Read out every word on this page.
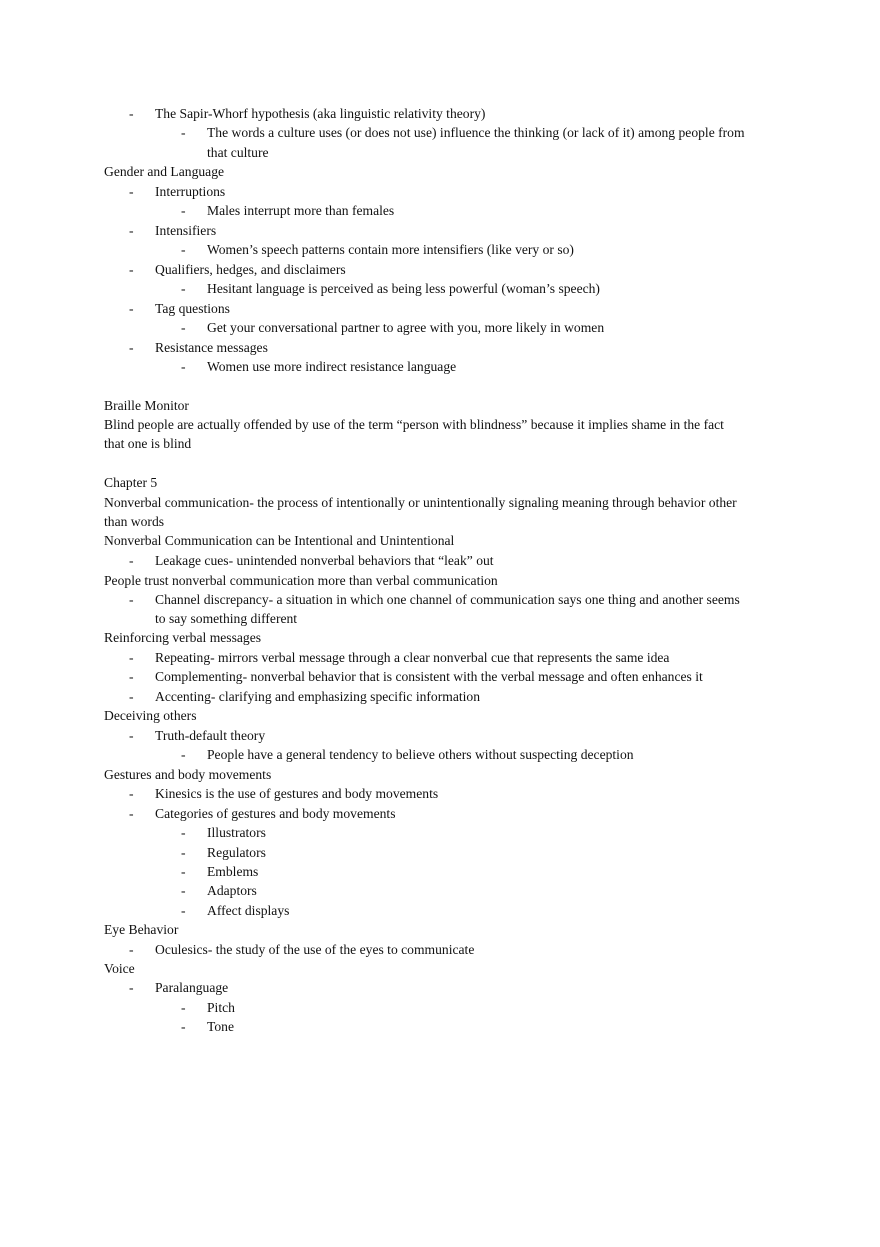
- The Sapir-Whorf hypothesis (aka linguistic relativity theory)
- The words a culture uses (or does not use) influence the thinking (or lack of it) among people from
that culture
Gender and Language
- Interruptions
- Males interrupt more than females
- Intensifiers
- Women’s speech patterns contain more intensifiers (like very or so)
- Qualifiers, hedges, and disclaimers
- Hesitant language is perceived as being less powerful (woman’s speech)
- Tag questions
- Get your conversational partner to agree with you, more likely in women
- Resistance messages
- Women use more indirect resistance language
Braille Monitor
Blind people are actually offended by use of the term “person with blindness” because it implies shame in the fact
that one is blind
Chapter 5
Nonverbal communication- the process of intentionally or unintentionally signaling meaning through behavior other
than words
Nonverbal Communication can be Intentional and Unintentional
- Leakage cues- unintended nonverbal behaviors that “leak” out
People trust nonverbal communication more than verbal communication
- Channel discrepancy- a situation in which one channel of communication says one thing and another seems
to say something different
Reinforcing verbal messages
- Repeating- mirrors verbal message through a clear nonverbal cue that represents the same idea
- Complementing- nonverbal behavior that is consistent with the verbal message and often enhances it
- Accenting- clarifying and emphasizing specific information
Deceiving others
- Truth-default theory
- People have a general tendency to believe others without suspecting deception
Gestures and body movements
- Kinesics is the use of gestures and body movements
- Categories of gestures and body movements
- Illustrators
- Regulators
- Emblems
- Adaptors
- Affect displays
Eye Behavior
- Oculesics- the study of the use of the eyes to communicate
Voice
- Paralanguage
- Pitch
- Tone
